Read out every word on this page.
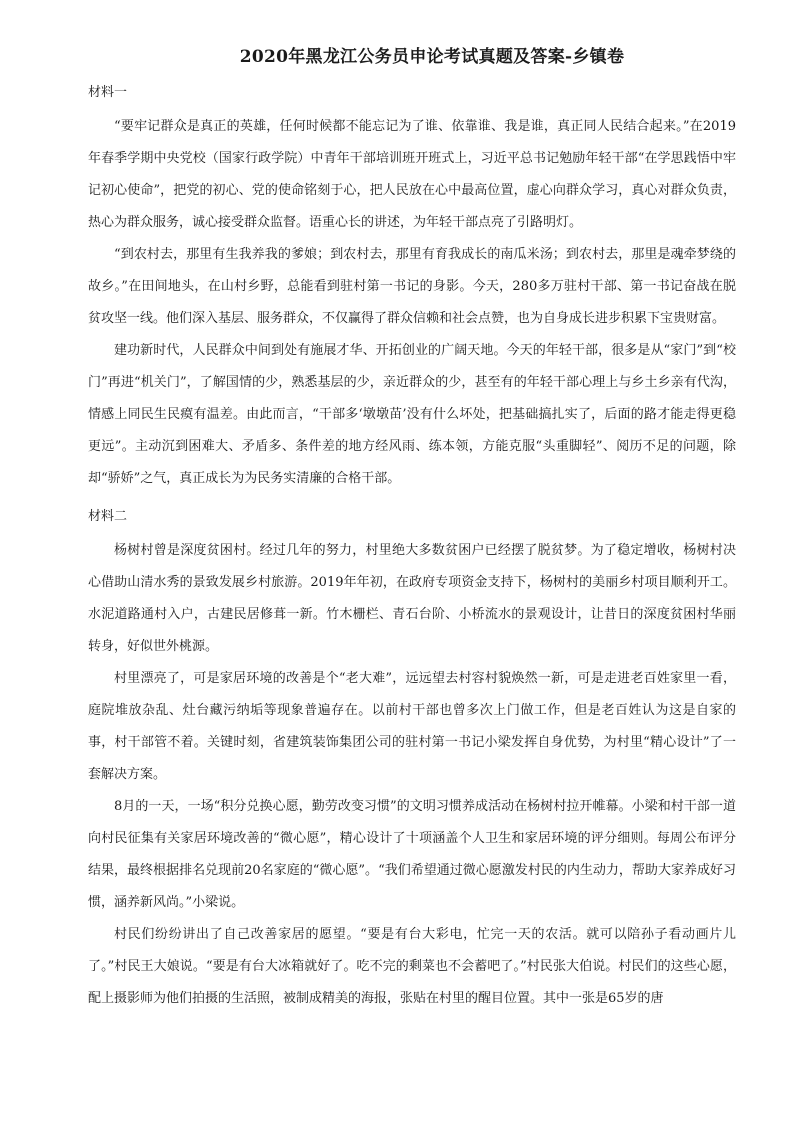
2020年黑龙江公务员申论考试真题及答案-乡镇卷
材料一

“要牢记群众是真正的英雄，任何时候都不能忘记为了谁、依靠谁、我是谁，真正同人民结合起来。”在2019年春季学期中央党校（国家行政学院）中青年干部培训班开班式上，习近平总书记勉励年轻干部“在学思践悟中牢记初心使命”，把党的初心、党的使命铭刻于心，把人民放在心中最高位置，虚心向群众学习，真心对群众负责，热心为群众服务，诚心接受群众监督。语重心长的讲述，为年轻干部点亮了引路明灯。

“到农村去，那里有生我养我的爹娘；到农村去，那里有育我成长的南瓜米汤；到农村去，那里是魂牵梦绕的故乡。”在田间地头，在山村乡野，总能看到驻村第一书记的身影。今天，280多万驻村干部、第一书记奋战在脱贫攻坚一线。他们深入基层、服务群众，不仅赢得了群众信赖和社会点赞，也为自身成长进步积累下宝贵财富。

建功新时代，人民群众中间到处有施展才华、开拓创业的广阔天地。今天的年轻干部，很多是从“家门”到“校门”再进“机关门”，了解国情的少，熟悉基层的少，亲近群众的少，甚至有的年轻干部心理上与乡土乡亲有代沟，情感上同民生民瘼有温差。由此而言，“干部多‘墩墩苗’没有什么坏处，把基础搞扎实了，后面的路才能走得更稳更远”。主动沉到困难大、矛盾多、条件差的地方经风雨、练本领，方能克服“头重脚轻”、阅历不足的问题，除却“骄娇”之气，真正成长为为民务实清廉的合格干部。

材料二

杨树村曾是深度贫困村。经过几年的努力，村里绝大多数贫困户已经摆了脱贫梦。为了稳定增收，杨树村决心借助山清水秀的景致发展乡村旅游。2019年年初，在政府专项资金支持下，杨树村的美丽乡村项目顺利开工。水泥道路通村入户，古建民居修葺一新。竹木栅栏、青石台阶、小桥流水的景观设计，让昔日的深度贫困村华丽转身，好似世外桃源。

村里漂亮了，可是家居环境的改善是个“老大难”，远远望去村容村貌焕然一新，可是走进老百姓家里一看，庭院堆放杂乱、灶台藏污纳垢等现象普遍存在。以前村干部也曾多次上门做工作，但是老百姓认为这是自家的事，村干部管不着。关键时刻，省建筑装饰集团公司的驻村第一书记小梁发挥自身优势，为村里“精心设计”了一套解决方案。

8月的一天，一场“积分兑换心愿，勤劳改变习惯”的文明习惯养成活动在杨树村拉开帷幕。小梁和村干部一道向村民征集有关家居环境改善的“微心愿”，精心设计了十项涵盖个人卫生和家居环境的评分细则。每周公布评分结果，最终根据排名兑现前20名家庭的“微心愿”。“我们希望通过微心愿激发村民的内生动力，帮助大家养成好习惯，涵养新风尚。”小梁说。

村民们纷纷讲出了自己改善家居的愿望。“要是有台大彩电，忙完一天的农活。就可以陪孙子看动画片儿了。”村民王大娘说。“要是有台大冰箱就好了。吃不完的剩菜也不会蓄吧了。”村民张大伯说。村民们的这些心愿，配上摄影师为他们拍摄的生活照，被制成精美的海报，张贴在村里的醒目位置。其中一张是65岁的唐
